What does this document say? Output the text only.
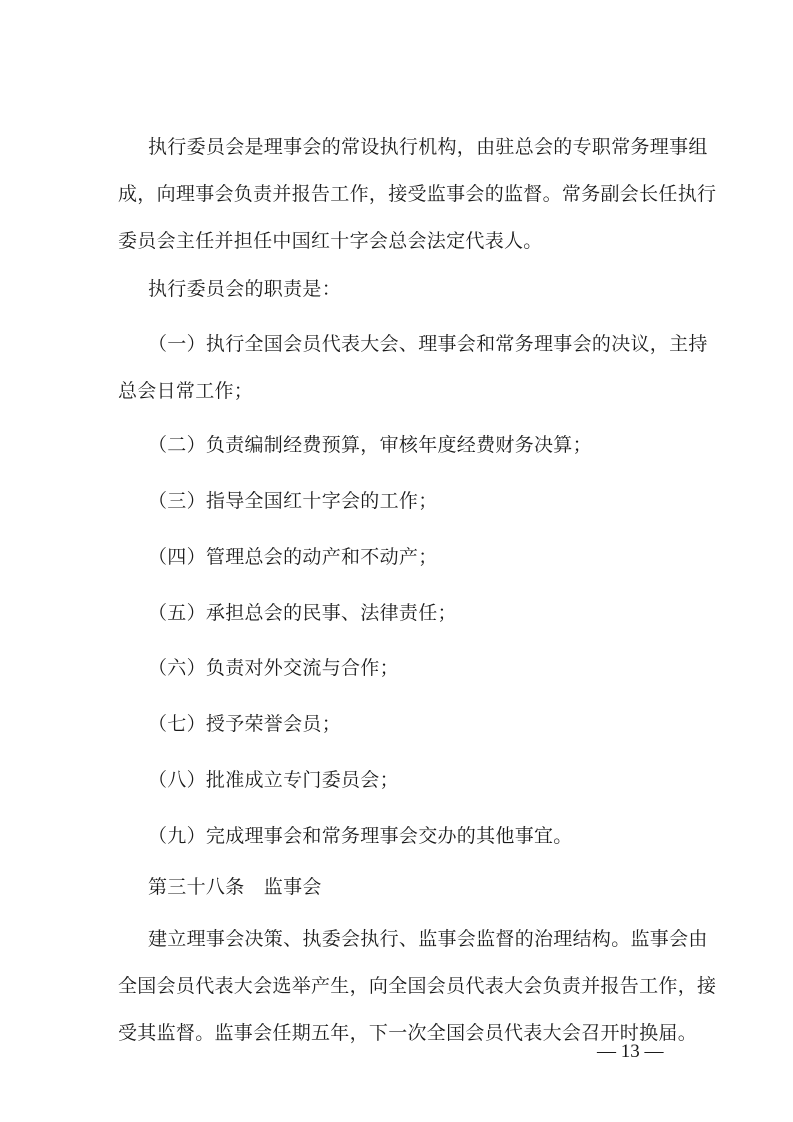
执行委员会是理事会的常设执行机构，由驻总会的专职常务理事组
成，向理事会负责并报告工作，接受监事会的监督。常务副会长任执行
委员会主任并担任中国红十字会总会法定代表人。
执行委员会的职责是：
（一）执行全国会员代表大会、理事会和常务理事会的决议，主持
总会日常工作；
（二）负责编制经费预算，审核年度经费财务决算；
（三）指导全国红十字会的工作；
（四）管理总会的动产和不动产；
（五）承担总会的民事、法律责任；
（六）负责对外交流与合作；
（七）授予荣誉会员；
（八）批准成立专门委员会；
（九）完成理事会和常务理事会交办的其他事宜。
第三十八条　监事会
建立理事会决策、执委会执行、监事会监督的治理结构。监事会由
全国会员代表大会选举产生，向全国会员代表大会负责并报告工作，接
受其监督。监事会任期五年，下一次全国会员代表大会召开时换届。
— 13 —
